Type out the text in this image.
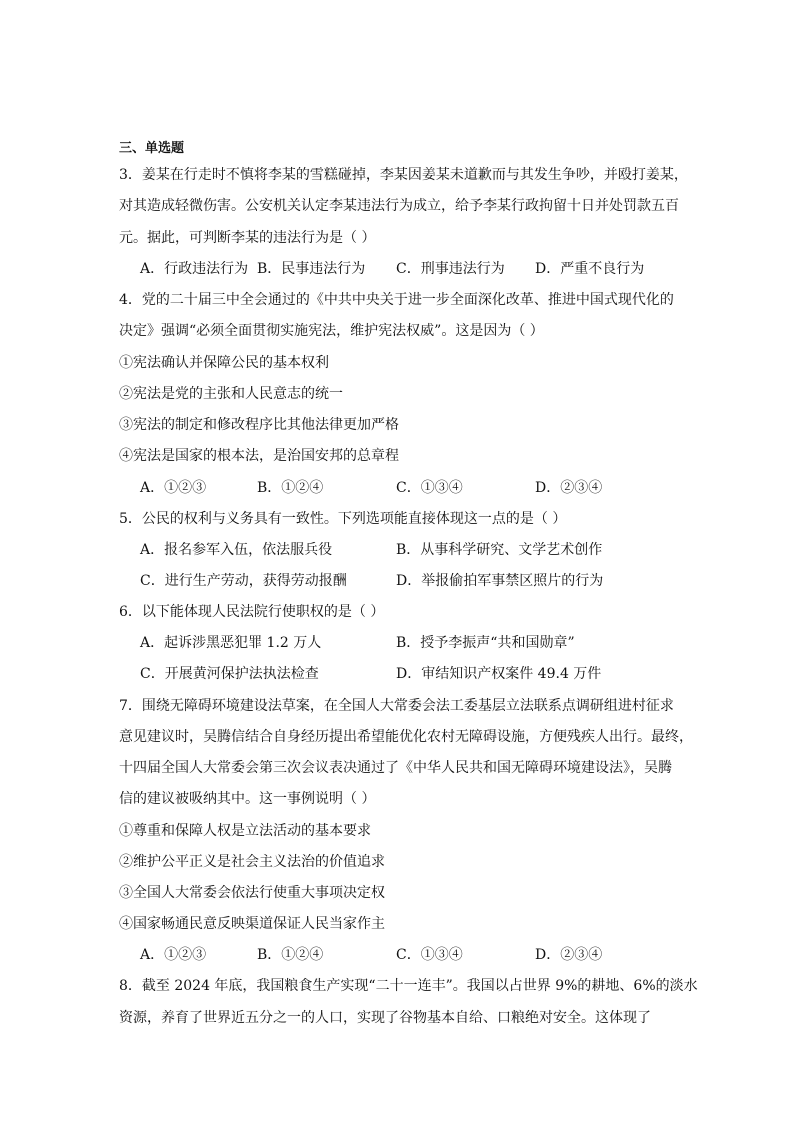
三、单选题
3．姜某在行走时不慎将李某的雪糕碰掉，李某因姜某未道歉而与其发生争吵，并殴打姜某，
对其造成轻微伤害。公安机关认定李某违法行为成立，给予李某行政拘留十日并处罚款五百
元。据此，可判断李某的违法行为是（ ）
A．行政违法行为 B．民事违法行为 C．刑事违法行为 D．严重不良行为
4．党的二十届三中全会通过的《中共中央关于进一步全面深化改革、推进中国式现代化的
决定》强调“必须全面贯彻实施宪法，维护宪法权威”。这是因为（ ）
①宪法确认并保障公民的基本权利
②宪法是党的主张和人民意志的统一
③宪法的制定和修改程序比其他法律更加严格
④宪法是国家的根本法，是治国安邦的总章程
A．①②③	B．①②④	C．①③④	D．②③④
5．公民的权利与义务具有一致性。下列选项能直接体现这一点的是（ ）
A．报名参军入伍，依法服兵役	B．从事科学研究、文学艺术创作
C．进行生产劳动，获得劳动报酬	D．举报偷拍军事禁区照片的行为
6．以下能体现人民法院行使职权的是（ ）
A．起诉涉黑恶犯罪 1.2 万人	B．授予李振声“共和国勋章”
C．开展黄河保护法执法检查	D．审结知识产权案件 49.4 万件
7．围绕无障碍环境建设法草案，在全国人大常委会法工委基层立法联系点调研组进村征求
意见建议时，吴腾信结合自身经历提出希望能优化农村无障碍设施，方便残疾人出行。最终，
十四届全国人大常委会第三次会议表决通过了《中华人民共和国无障碍环境建设法》，吴腾
信的建议被吸纳其中。这一事例说明（ ）
①尊重和保障人权是立法活动的基本要求
②维护公平正义是社会主义法治的价值追求
③全国人大常委会依法行使重大事项决定权
④国家畅通民意反映渠道保证人民当家作主
A．①②③	B．①②④	C．①③④	D．②③④
8．截至 2024 年底，我国粮食生产实现“二十一连丰”。我国以占世界 9%的耕地、6%的淡水
资源，养育了世界近五分之一的人口，实现了谷物基本自给、口粮绝对安全。这体现了
